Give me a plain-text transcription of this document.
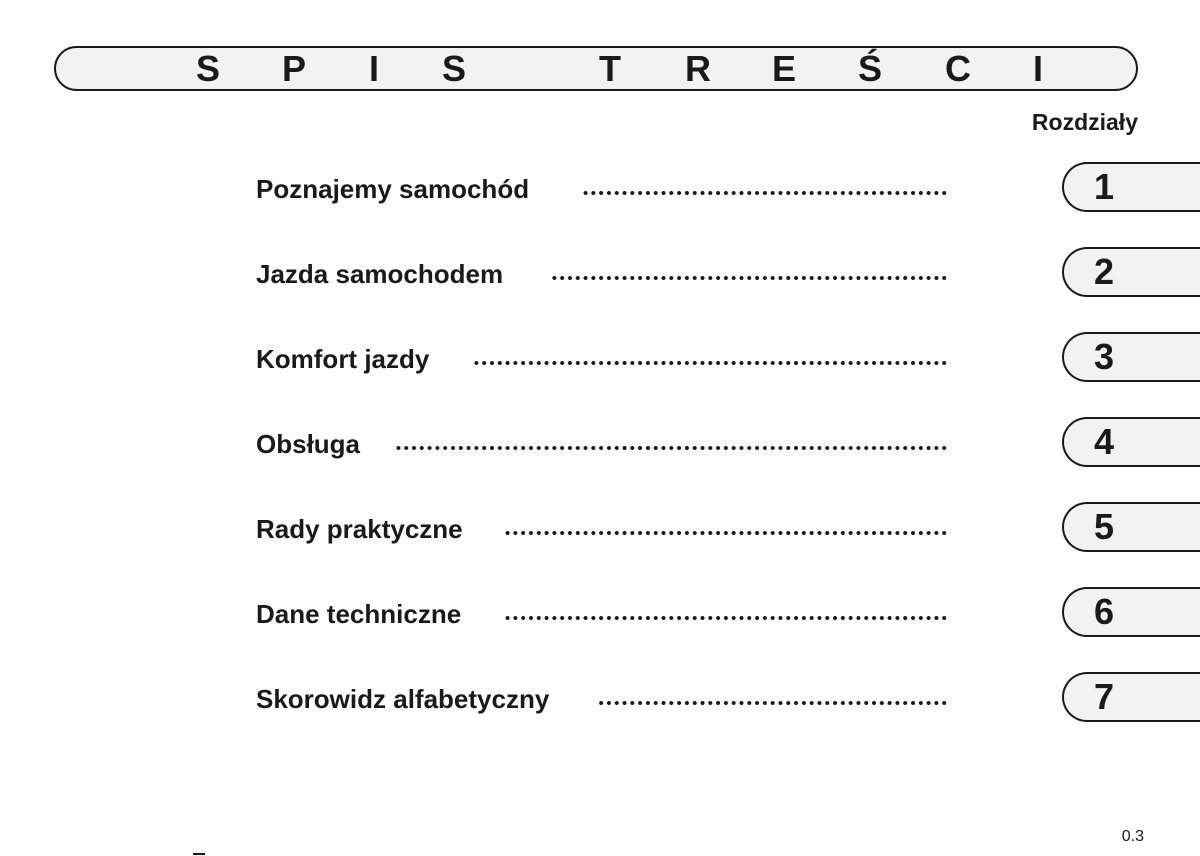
S P I S	T R E Ś C I
Rozdziały
Poznajemy samochód	1
Jazda samochodem	2
Komfort jazdy	3
Obsługa	4
Rady praktyczne	5
Dane techniczne	6
Skorowidz alfabetyczny	7
0.3
